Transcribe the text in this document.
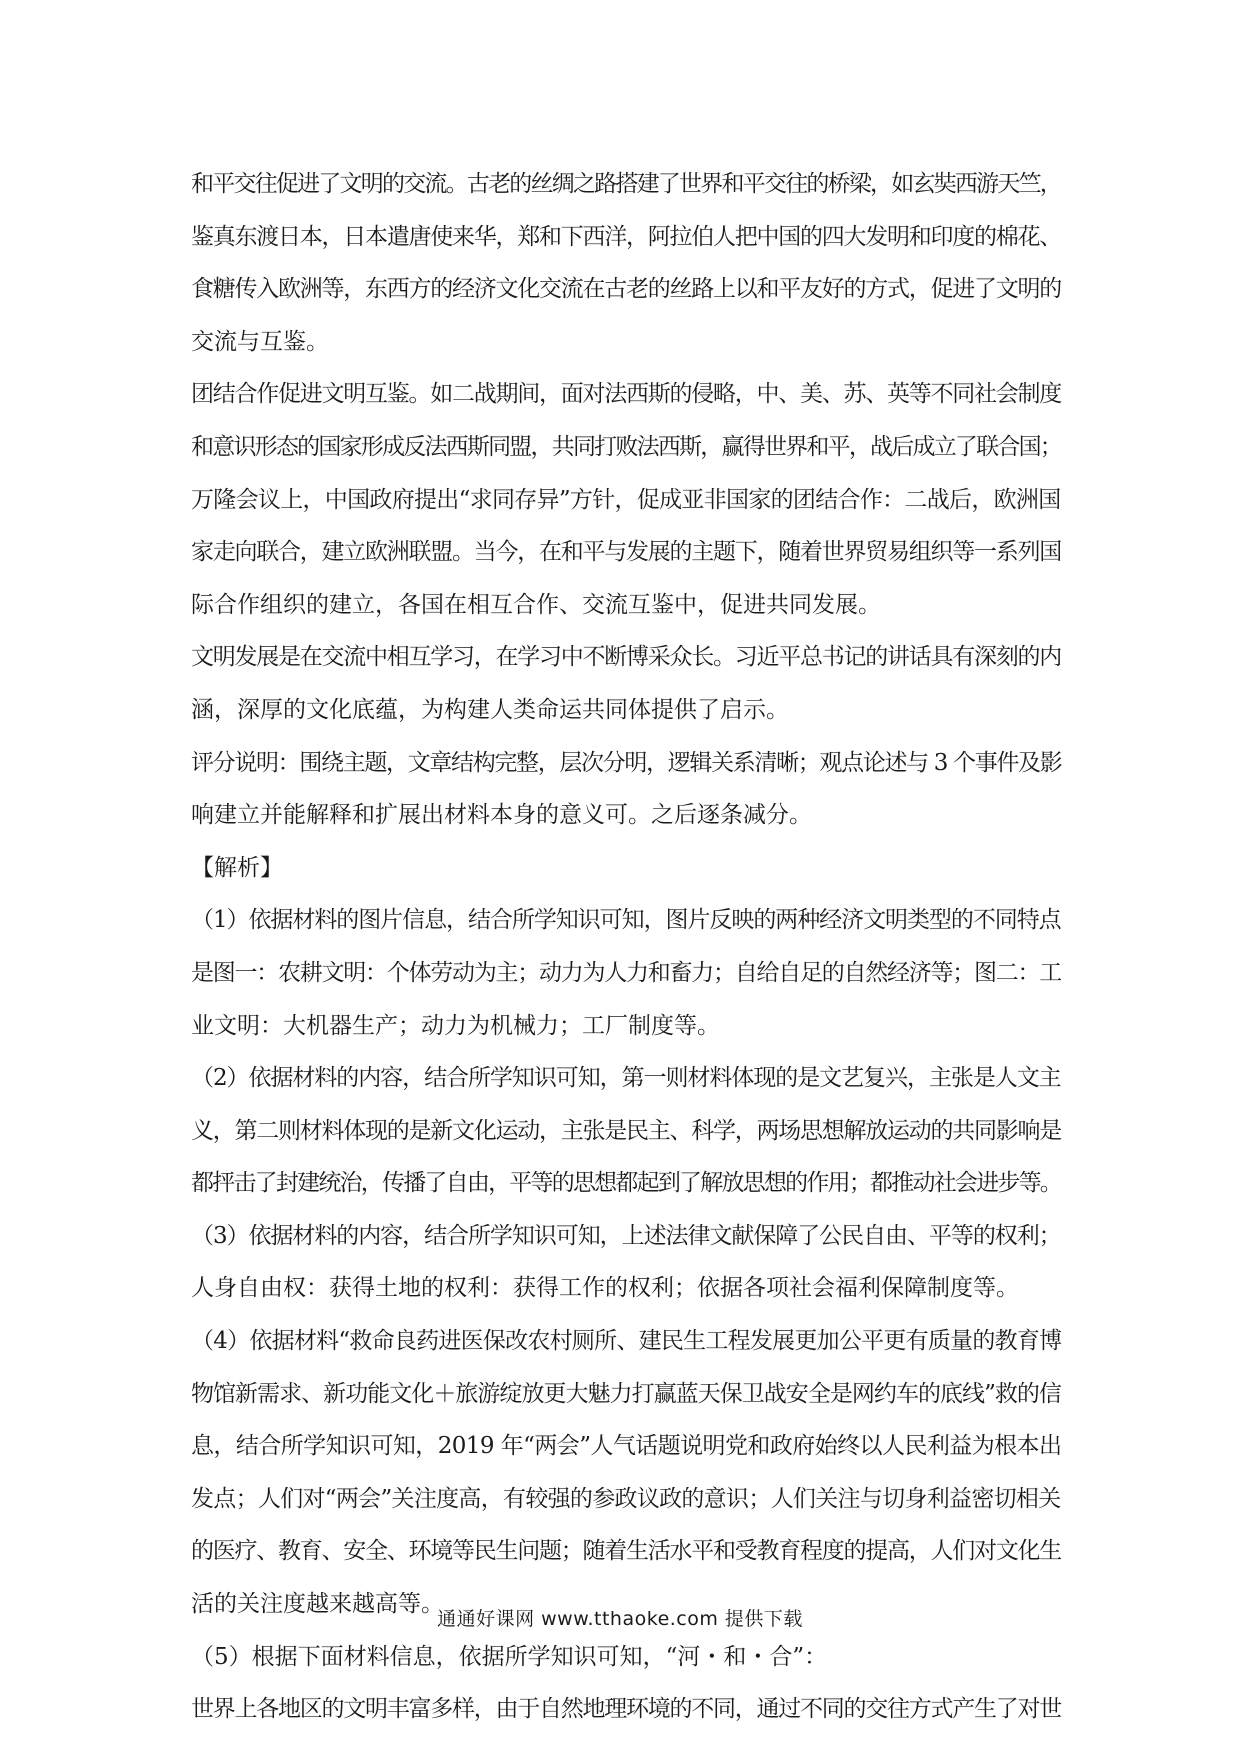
和平交往促进了文明的交流。古老的丝绸之路搭建了世界和平交往的桥梁，如玄奘西游天竺，
鉴真东渡日本，日本遣唐使来华，郑和下西洋，阿拉伯人把中国的四大发明和印度的棉花、
食糖传入欧洲等，东西方的经济文化交流在古老的丝路上以和平友好的方式，促进了文明的
交流与互鉴。
团结合作促进文明互鉴。如二战期间，面对法西斯的侵略，中、美、苏、英等不同社会制度
和意识形态的国家形成反法西斯同盟，共同打败法西斯，赢得世界和平，战后成立了联合国；
万隆会议上，中国政府提出“求同存异”方针，促成亚非国家的团结合作：二战后，欧洲国
家走向联合，建立欧洲联盟。当今，在和平与发展的主题下，随着世界贸易组织等一系列国
际合作组织的建立，各国在相互合作、交流互鉴中，促进共同发展。
文明发展是在交流中相互学习，在学习中不断博采众长。习近平总书记的讲话具有深刻的内
涵，深厚的文化底蕴，为构建人类命运共同体提供了启示。
评分说明：围绕主题，文章结构完整，层次分明，逻辑关系清晰；观点论述与 3 个事件及影
响建立并能解释和扩展出材料本身的意义可。之后逐条减分。
【解析】
（1）依据材料的图片信息，结合所学知识可知，图片反映的两种经济文明类型的不同特点
是图一：农耕文明：个体劳动为主；动力为人力和畜力；自给自足的自然经济等；图二：工
业文明：大机器生产；动力为机械力；工厂制度等。
（2）依据材料的内容，结合所学知识可知，第一则材料体现的是文艺复兴，主张是人文主
义，第二则材料体现的是新文化运动，主张是民主、科学，两场思想解放运动的共同影响是
都抨击了封建统治，传播了自由，平等的思想都起到了解放思想的作用；都推动社会进步等。
（3）依据材料的内容，结合所学知识可知，上述法律文献保障了公民自由、平等的权利；
人身自由权：获得土地的权利：获得工作的权利；依据各项社会福利保障制度等。
（4）依据材料“救命良药进医保改农村厕所、建民生工程发展更加公平更有质量的教育博
物馆新需求、新功能文化＋旅游绽放更大魅力打赢蓝天保卫战安全是网约车的底线”救的信
息，结合所学知识可知，2019 年“两会”人气话题说明党和政府始终以人民利益为根本出
发点；人们对“两会”关注度高，有较强的参政议政的意识；人们关注与切身利益密切相关
的医疗、教育、安全、环境等民生问题；随着生活水平和受教育程度的提高，人们对文化生
活的关注度越来越高等。
（5）根据下面材料信息，依据所学知识可知，“河・和・合”：
世界上各地区的文明丰富多样，由于自然地理环境的不同，通过不同的交往方式产生了对世
通通好课网 www.tthaoke.com 提供下载
